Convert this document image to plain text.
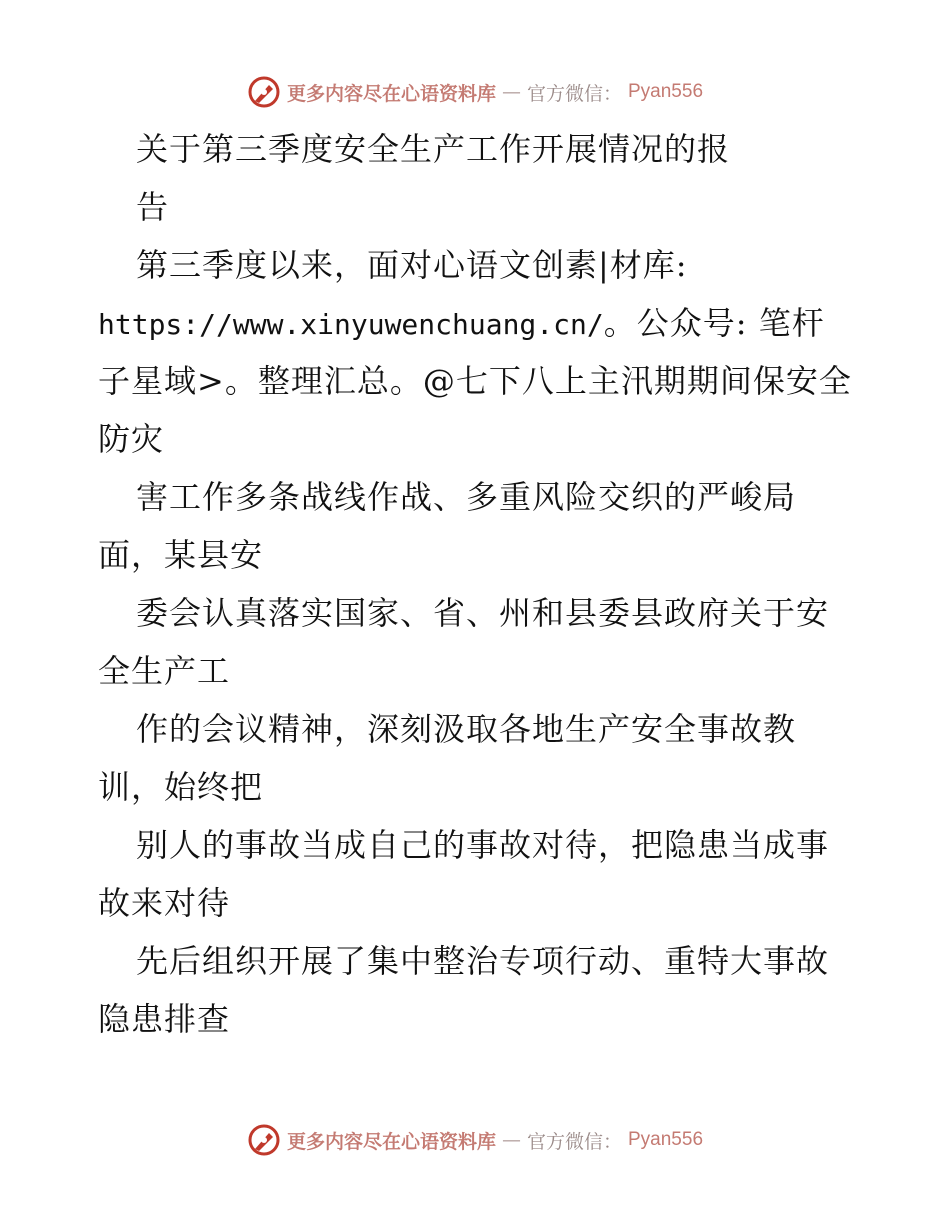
更多内容尽在心语资料库 — 官方微信： Pyan556
关于第三季度安全生产工作开展情况的报
告
第三季度以来，面对心语文创素|材库:
https://www.xinyuwenchuang.cn/。公众号: 笔杆
子星域>。整理汇总。@七下八上主汛期期间保安全
防灾
害工作多条战线作战、多重风险交织的严峻局
面，某县安
委会认真落实国家、省、州和县委县政府关于安
全生产工
作的会议精神，深刻汲取各地生产安全事故教
训，始终把
别人的事故当成自己的事故对待，把隐患当成事
故来对待
先后组织开展了集中整治专项行动、重特大事故
隐患排查
更多内容尽在心语资料库 — 官方微信： Pyan556
